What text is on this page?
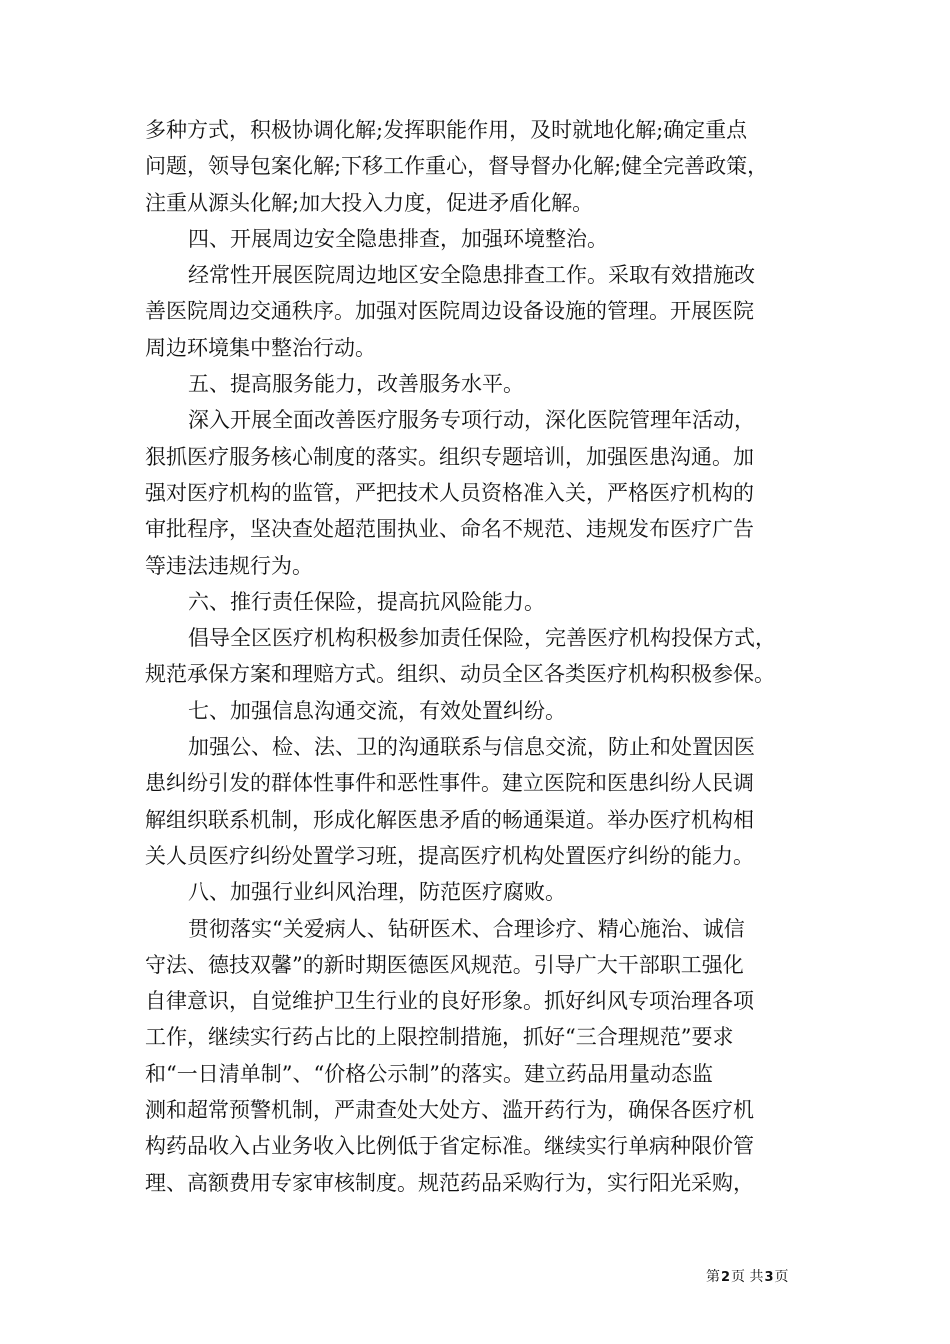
多种方式，积极协调化解;发挥职能作用，及时就地化解;确定重点
问题，领导包案化解;下移工作重心，督导督办化解;健全完善政策，
注重从源头化解;加大投入力度，促进矛盾化解。
四、开展周边安全隐患排查，加强环境整治。
经常性开展医院周边地区安全隐患排查工作。采取有效措施改
善医院周边交通秩序。加强对医院周边设备设施的管理。开展医院
周边环境集中整治行动。
五、提高服务能力，改善服务水平。
深入开展全面改善医疗服务专项行动，深化医院管理年活动，
狠抓医疗服务核心制度的落实。组织专题培训，加强医患沟通。加
强对医疗机构的监管，严把技术人员资格准入关，严格医疗机构的
审批程序，坚决查处超范围执业、命名不规范、违规发布医疗广告
等违法违规行为。
六、推行责任保险，提高抗风险能力。
倡导全区医疗机构积极参加责任保险，完善医疗机构投保方式，
规范承保方案和理赔方式。组织、动员全区各类医疗机构积极参保。
七、加强信息沟通交流，有效处置纠纷。
加强公、检、法、卫的沟通联系与信息交流，防止和处置因医
患纠纷引发的群体性事件和恶性事件。建立医院和医患纠纷人民调
解组织联系机制，形成化解医患矛盾的畅通渠道。举办医疗机构相
关人员医疗纠纷处置学习班，提高医疗机构处置医疗纠纷的能力。
八、加强行业纠风治理，防范医疗腐败。
贯彻落实“关爱病人、钻研医术、合理诊疗、精心施治、诚信
守法、德技双馨”的新时期医德医风规范。引导广大干部职工强化
自律意识，自觉维护卫生行业的良好形象。抓好纠风专项治理各项
工作，继续实行药占比的上限控制措施，抓好“三合理规范”要求
和“一日清单制”、“价格公示制”的落实。建立药品用量动态监
测和超常预警机制，严肃查处大处方、滥开药行为，确保各医疗机
构药品收入占业务收入比例低于省定标准。继续实行单病种限价管
理、高额费用专家审核制度。规范药品采购行为，实行阳光采购，
第2页 共3页
